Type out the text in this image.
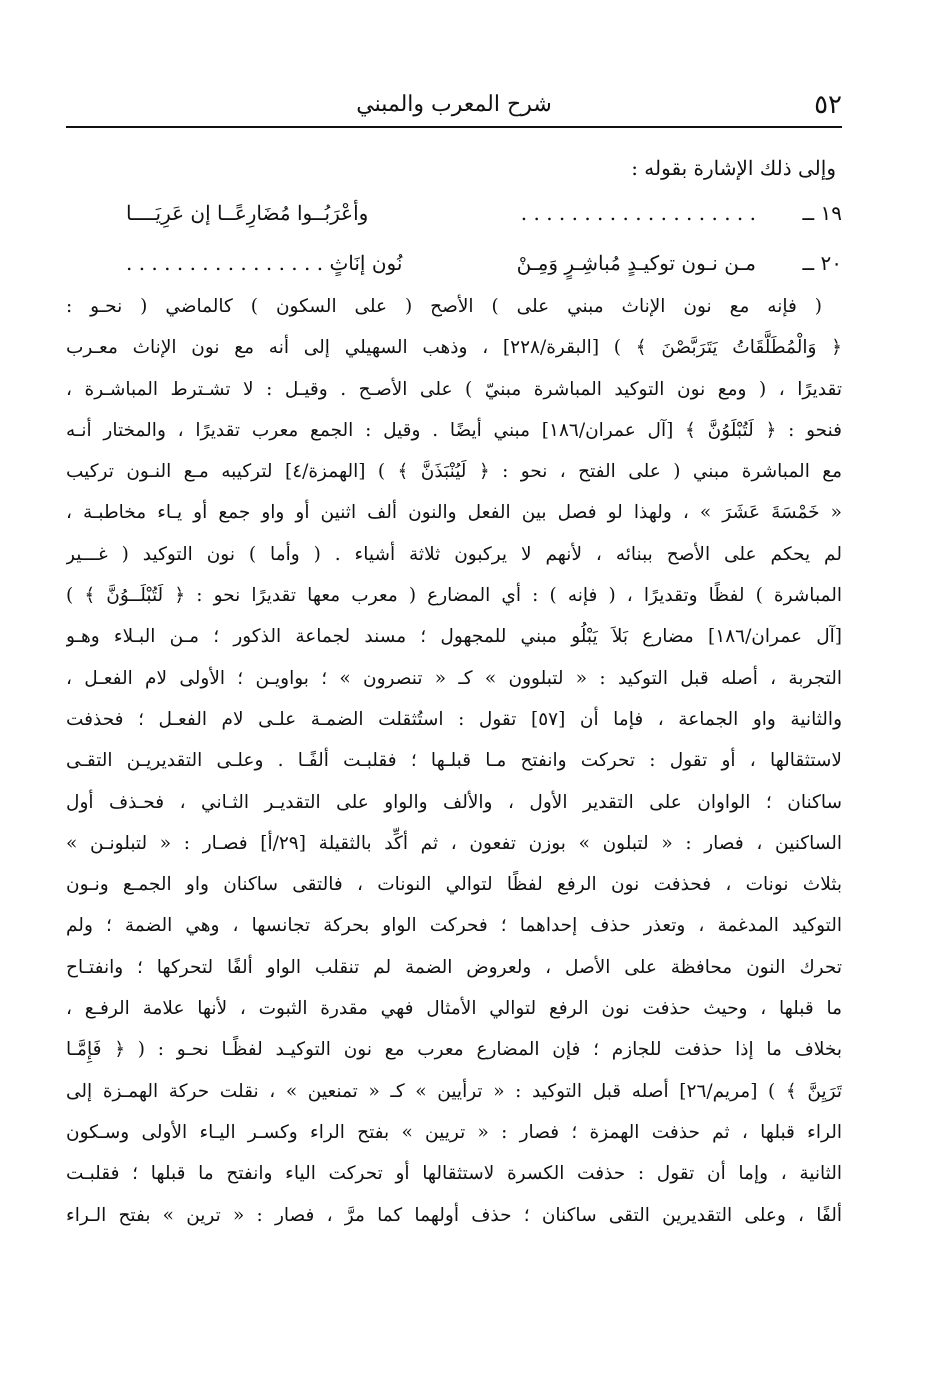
٥٢
شرح المعرب والمبني
وإلى ذلك الإشارة بقوله :
١٩ ــ
. . . . . . . . . . . . . . . . . . .
وأعْرَبُــوا مُضَارِعًــا إن عَرِيَــــا
٢٠ ــ
مـن نـون توكيـدٍ مُباشِـرٍ وَمِـنْ
نُون إنَاثٍ . . . . . . . . . . . . . . . .
( فإنه مع نون الإناث مبني على ) الأصح ( على السكون ) كالماضي ( نحـو :
﴿ وَالْمُطَلَّقَاتُ يَتَرَبَّصْنَ ﴾ ) [البقرة/٢٢٨] ، وذهب السهيلي إلى أنه مع نون الإناث معـرب
تقديرًا ، ( ومع نون التوكيد المباشرة مبنيّ ) على الأصـح . وقيـل : لا تشـترط المباشـرة ،
فنحو : ﴿ لَتُبْلَوُنَّ ﴾ [آل عمران/١٨٦] مبني أيضًا . وقيل : الجمع معرب تقديرًا ، والمختار أنـه
مع المباشرة مبني ( على الفتح ، نحو : ﴿ لَيُنْبَذَنَّ ﴾ ) [الهمزة/٤] لتركيبه مـع النـون تركيب
« خَمْسَةَ عَشَرَ » ، ولهذا لو فصل بين الفعل والنون ألف اثنين أو واو جمع أو يـاء مخاطبـة ،
لم يحكم على الأصح ببنائه ، لأنهم لا يركبون ثلاثة أشياء . ( وأما ) نون التوكيد ( غـــير
المباشرة ) لفظًا وتقديرًا ، ( فإنه ) : أي المضارع ( معرب معها تقديرًا نحو : ﴿ لَتُبْلَــوُنَّ ﴾ )
[آل عمران/١٨٦] مضارع بَلاَ يَبْلُو مبني للمجهول ؛ مسند لجماعة الذكور ؛ مـن البـلاء وهـو
التجربة ، أصله قبل التوكيد : « لتبلوون » كـ « تنصرون » ؛ بواويـن ؛ الأولى لام الفعـل ،
والثانية واو الجماعة ، فإما أن [٥٧] تقول : استُثقلت الضمـة علـى لام الفعـل ؛ فحذفت
لاستثقالها ، أو تقول : تحركت وانفتح مـا قبلـها ؛ فقلبـت ألفًـا . وعلـى التقديريـن التقـى
ساكنان ؛ الواوان على التقدير الأول ، والألف والواو على التقديـر الثـاني ، فحـذف أول
الساكنين ، فصار : « لتبلون » بوزن تفعون ، ثم أكِّد بالثقيلة [٢٩/أ] فصـار : « لتبلونـن »
بثلاث نونات ، فحذفت نون الرفع لفظًا لتوالي النونات ، فالتقى ساكنان واو الجمـع ونـون
التوكيد المدغمة ، وتعذر حذف إحداهما ؛ فحركت الواو بحركة تجانسها ، وهي الضمة ؛ ولم
تحرك النون محافظة على الأصل ، ولعروض الضمة لم تنقلب الواو ألفًا لتحركها ؛ وانفتـاح
ما قبلها ، وحيث حذفت نون الرفع لتوالي الأمثال فهي مقدرة الثبوت ، لأنها علامة الرفـع ،
بخلاف ما إذا حذفت للجازم ؛ فإن المضارع معرب مع نون التوكيـد لفظًـا نحـو : ( ﴿ فَإِمَّـا
تَرَيِنَّ ﴾ ) [مريم/٢٦] أصله قبل التوكيد : « ترأيين » كـ « تمنعين » ، نقلت حركة الهمـزة إلى
الراء قبلها ، ثم حذفت الهمزة ؛ فصار : « تريين » بفتح الراء وكسـر اليـاء الأولى وسـكون
الثانية ، وإما أن تقول : حذفت الكسرة لاستثقالها أو تحركت الياء وانفتح ما قبلها ؛ فقلبـت
ألفًا ، وعلى التقديرين التقى ساكنان ؛ حذف أولهما كما مرَّ ، فصار : « ترين » بفتح الـراء
